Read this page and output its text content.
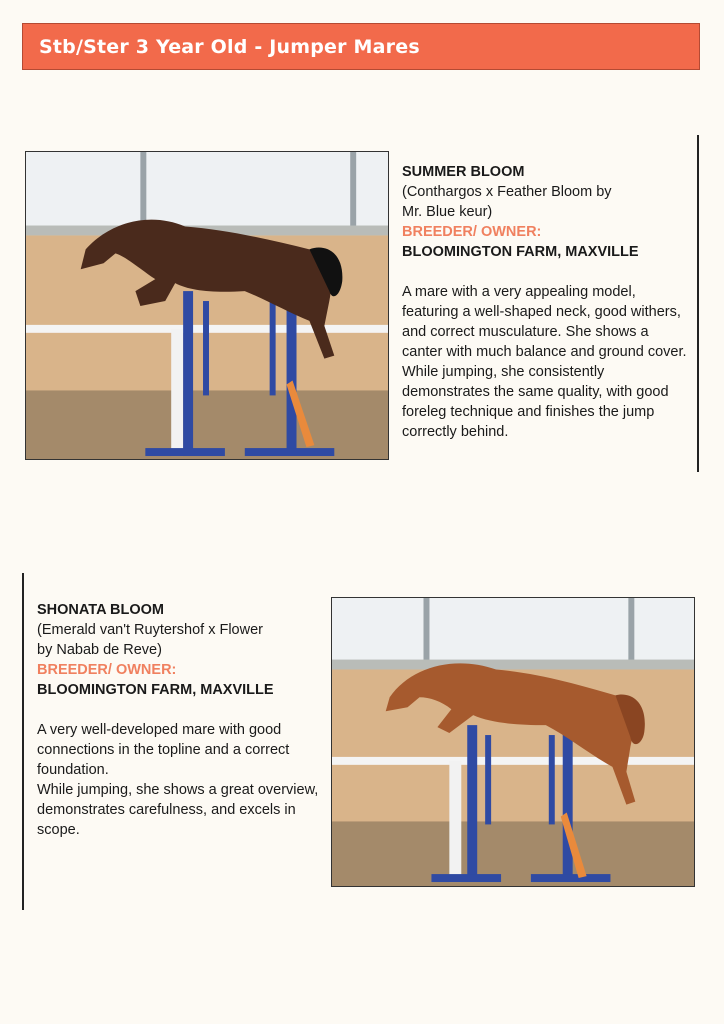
Stb/Ster 3 Year Old - Jumper Mares
SUMMER BLOOM
(Conthargos x Feather Bloom by
Mr. Blue keur)
BREEDER/ OWNER:
BLOOMINGTON FARM, MAXVILLE
A mare with a very appealing model, featuring a well-shaped neck, good withers, and correct musculature. She shows a canter with much balance and ground cover. While jumping, she consistently demonstrates the same quality, with good foreleg technique and finishes the jump correctly behind.
SHONATA BLOOM
(Emerald van't Ruytershof x Flower
by Nabab de Reve)
BREEDER/ OWNER:
BLOOMINGTON FARM, MAXVILLE
A very well-developed mare with good connections in the topline and a correct foundation.
While jumping, she shows a great overview, demonstrates carefulness, and excels in scope.
